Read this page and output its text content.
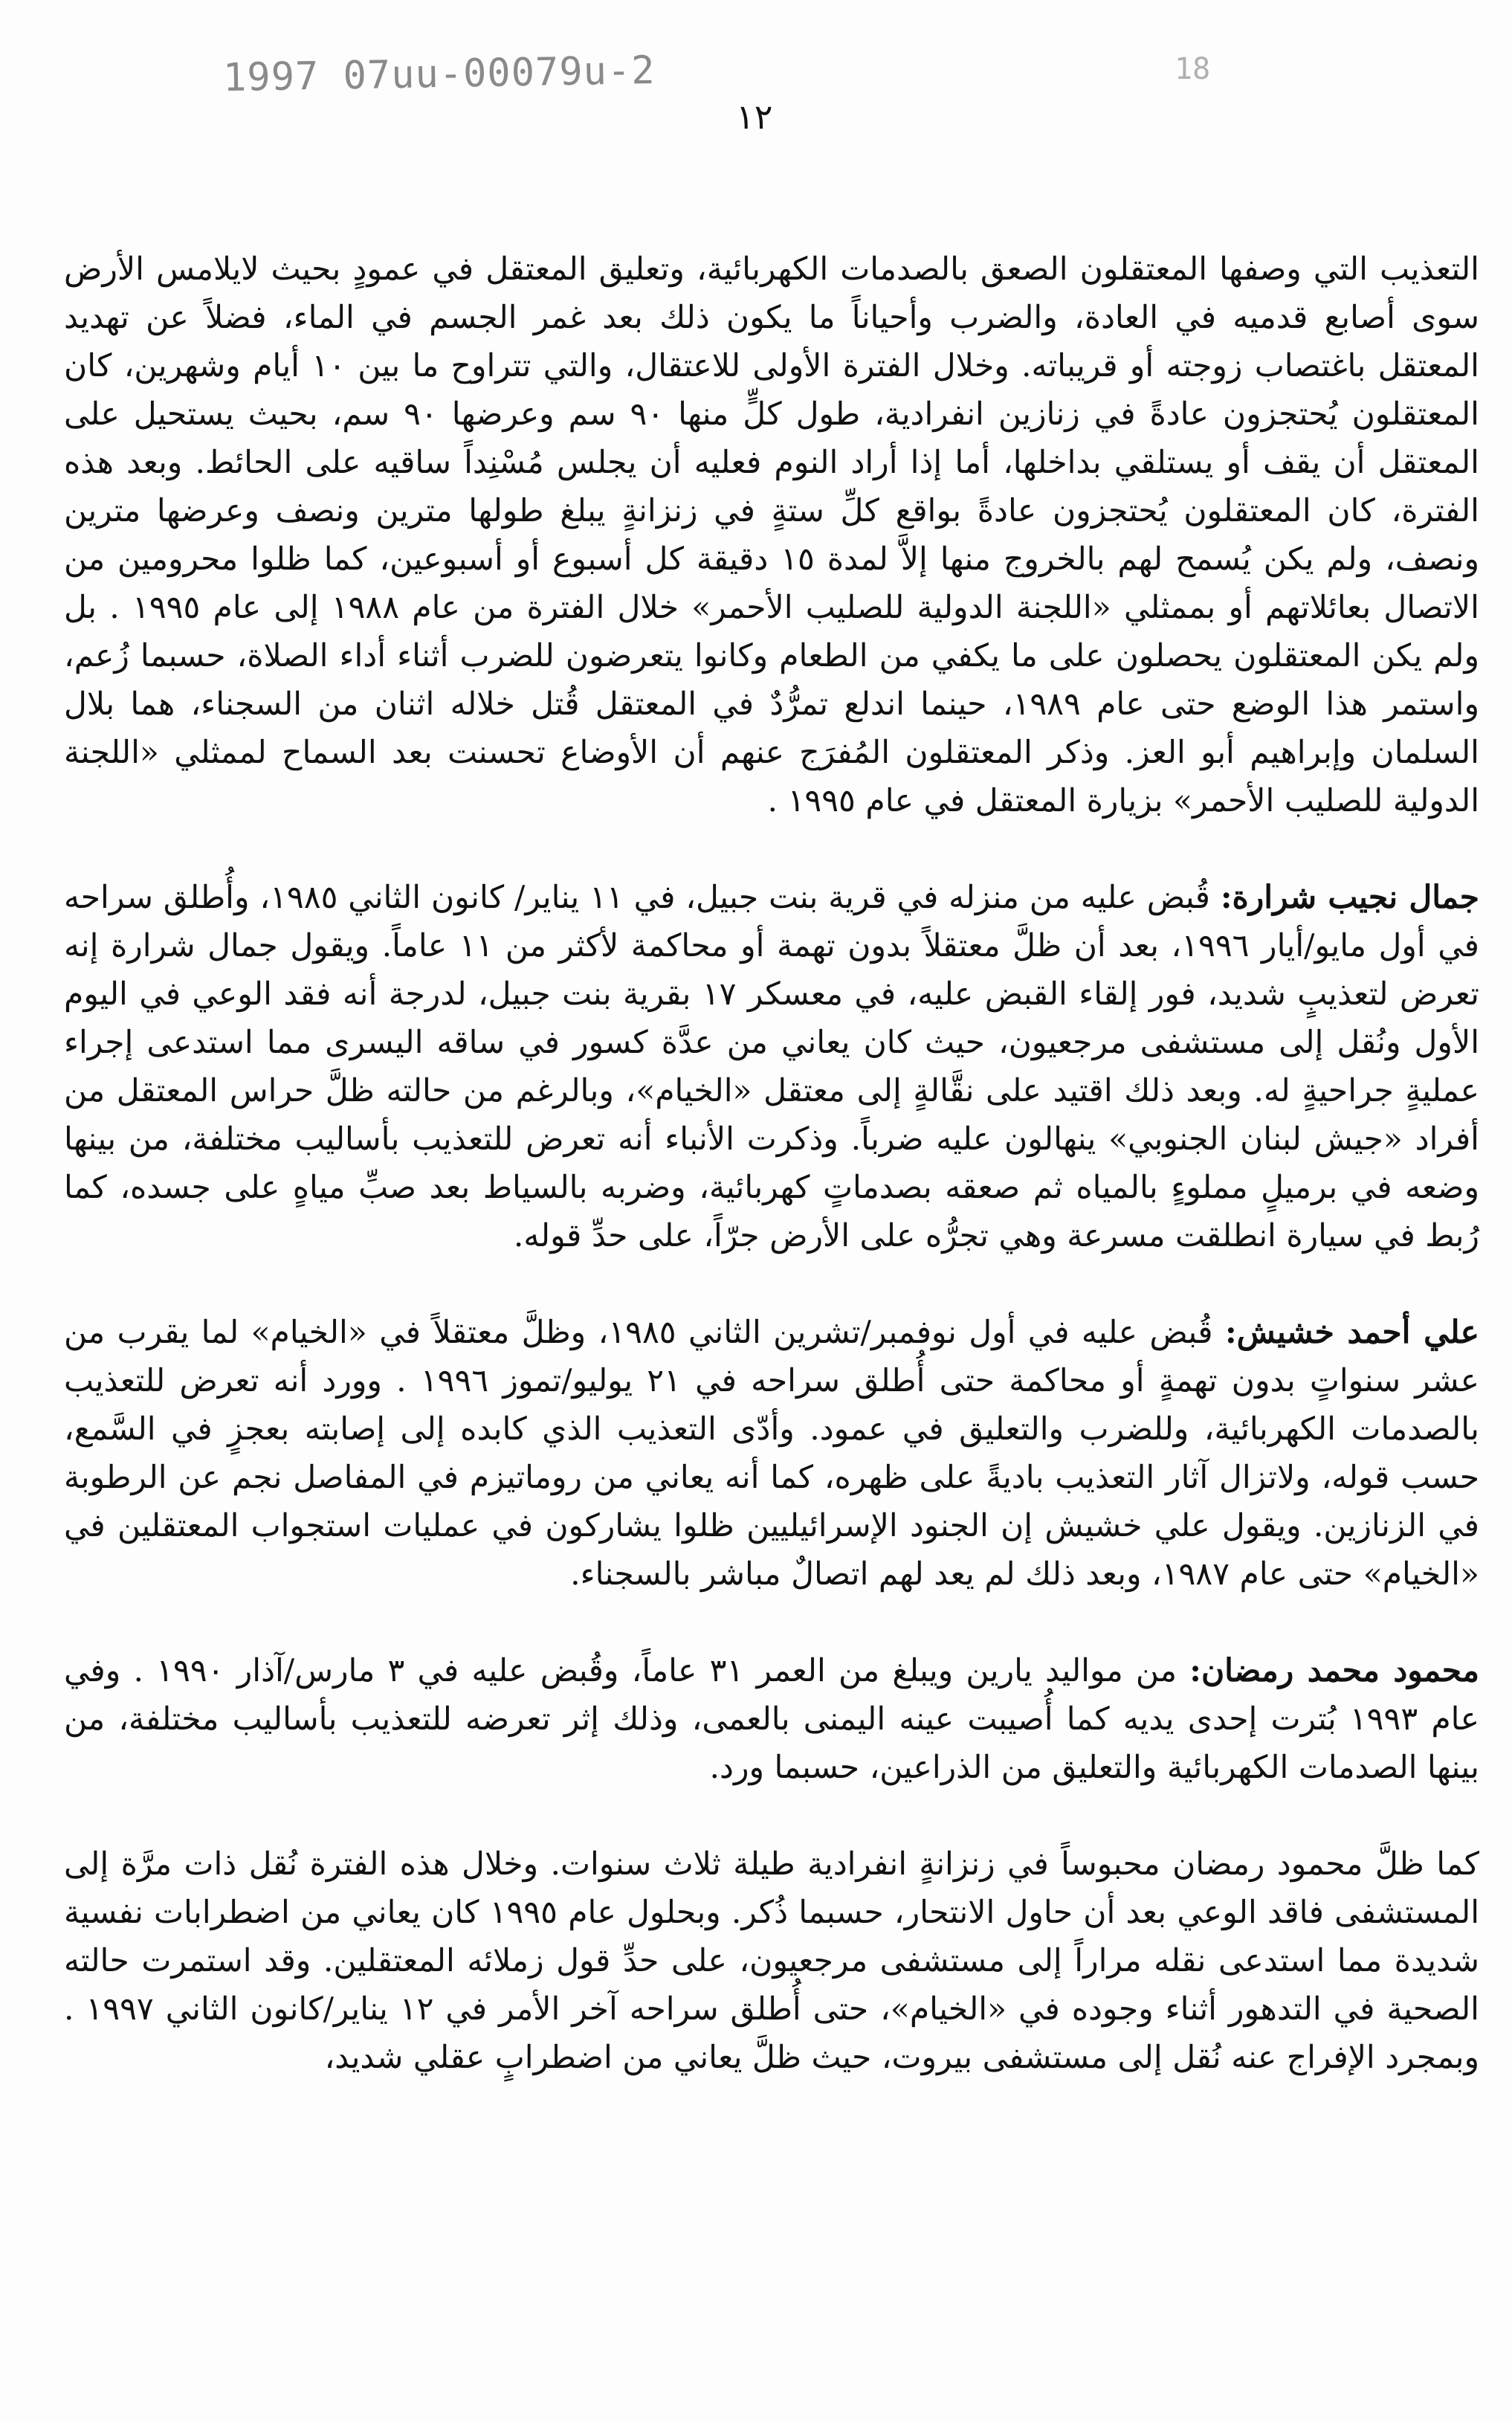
1997 07uu-00079u-2	18
١٢

التعذيب التي وصفها المعتقلون الصعق بالصدمات الكهربائية، وتعليق المعتقل في عمودٍ بحيث لايلامس الأرض سوى أصابع قدميه في العادة، والضرب وأحياناً ما يكون ذلك بعد غمر الجسم في الماء، فضلاً عن تهديد المعتقل باغتصاب زوجته أو قريباته. وخلال الفترة الأولى للاعتقال، والتي تتراوح ما بين ١٠ أيام وشهرين، كان المعتقلون يُحتجزون عادةً في زنازين انفرادية، طول كلٍّ منها ٩٠ سم وعرضها ٩٠ سم، بحيث يستحيل على المعتقل أن يقف أو يستلقي بداخلها، أما إذا أراد النوم فعليه أن يجلس مُسْنِداً ساقيه على الحائط. وبعد هذه الفترة، كان المعتقلون يُحتجزون عادةً بواقع كلِّ ستةٍ في زنزانةٍ يبلغ طولها مترين ونصف وعرضها مترين ونصف، ولم يكن يُسمح لهم بالخروج منها إلاَّ لمدة ١٥ دقيقة كل أسبوع أو أسبوعين، كما ظلوا محرومين من الاتصال بعائلاتهم أو بممثلي «اللجنة الدولية للصليب الأحمر» خلال الفترة من عام ١٩٨٨ إلى عام ١٩٩٥ . بل ولم يكن المعتقلون يحصلون على ما يكفي من الطعام وكانوا يتعرضون للضرب أثناء أداء الصلاة، حسبما زُعم، واستمر هذا الوضع حتى عام ١٩٨٩، حينما اندلع تمرُّدٌ في المعتقل قُتل خلاله اثنان من السجناء، هما بلال السلمان وإبراهيم أبو العز. وذكر المعتقلون المُفرَج عنهم أن الأوضاع تحسنت بعد السماح لممثلي «اللجنة الدولية للصليب الأحمر» بزيارة المعتقل في عام ١٩٩٥ .

جمال نجيب شرارة: قُبض عليه من منزله في قرية بنت جبيل، في ١١ يناير/ كانون الثاني ١٩٨٥، وأُطلق سراحه في أول مايو/أيار ١٩٩٦، بعد أن ظلَّ معتقلاً بدون تهمة أو محاكمة لأكثر من ١١ عاماً. ويقول جمال شرارة إنه تعرض لتعذيبٍ شديد، فور إلقاء القبض عليه، في معسكر ١٧ بقرية بنت جبيل، لدرجة أنه فقد الوعي في اليوم الأول ونُقل إلى مستشفى مرجعيون، حيث كان يعاني من عدَّة كسور في ساقه اليسرى مما استدعى إجراء عمليةٍ جراحيةٍ له. وبعد ذلك اقتيد على نقَّالةٍ إلى معتقل «الخيام»، وبالرغم من حالته ظلَّ حراس المعتقل من أفراد «جيش لبنان الجنوبي» ينهالون عليه ضرباً. وذكرت الأنباء أنه تعرض للتعذيب بأساليب مختلفة، من بينها وضعه في برميلٍ مملوءٍ بالمياه ثم صعقه بصدماتٍ كهربائية، وضربه بالسياط بعد صبِّ مياهٍ على جسده، كما رُبط في سيارة انطلقت مسرعة وهي تجرُّه على الأرض جرّاً، على حدِّ قوله.

علي أحمد خشيش: قُبض عليه في أول نوفمبر/تشرين الثاني ١٩٨٥، وظلَّ معتقلاً في «الخيام» لما يقرب من عشر سنواتٍ بدون تهمةٍ أو محاكمة حتى أُطلق سراحه في ٢١ يوليو/تموز ١٩٩٦ . وورد أنه تعرض للتعذيب بالصدمات الكهربائية، وللضرب والتعليق في عمود. وأدّى التعذيب الذي كابده إلى إصابته بعجزٍ في السَّمع، حسب قوله، ولاتزال آثار التعذيب باديةً على ظهره، كما أنه يعاني من روماتيزم في المفاصل نجم عن الرطوبة في الزنازين. ويقول علي خشيش إن الجنود الإسرائيليين ظلوا يشاركون في عمليات استجواب المعتقلين في «الخيام» حتى عام ١٩٨٧، وبعد ذلك لم يعد لهم اتصالٌ مباشر بالسجناء.

محمود محمد رمضان: من مواليد يارين ويبلغ من العمر ٣١ عاماً، وقُبض عليه في ٣ مارس/آذار ١٩٩٠ . وفي عام ١٩٩٣ بُترت إحدى يديه كما أُصيبت عينه اليمنى بالعمى، وذلك إثر تعرضه للتعذيب بأساليب مختلفة، من بينها الصدمات الكهربائية والتعليق من الذراعين، حسبما ورد.

كما ظلَّ محمود رمضان محبوساً في زنزانةٍ انفرادية طيلة ثلاث سنوات. وخلال هذه الفترة نُقل ذات مرَّة إلى المستشفى فاقد الوعي بعد أن حاول الانتحار، حسبما ذُكر. وبحلول عام ١٩٩٥ كان يعاني من اضطرابات نفسية شديدة مما استدعى نقله مراراً إلى مستشفى مرجعيون، على حدِّ قول زملائه المعتقلين. وقد استمرت حالته الصحية في التدهور أثناء وجوده في «الخيام»، حتى أُطلق سراحه آخر الأمر في ١٢ يناير/كانون الثاني ١٩٩٧ . وبمجرد الإفراج عنه نُقل إلى مستشفى بيروت، حيث ظلَّ يعاني من اضطرابٍ عقلي شديد،
